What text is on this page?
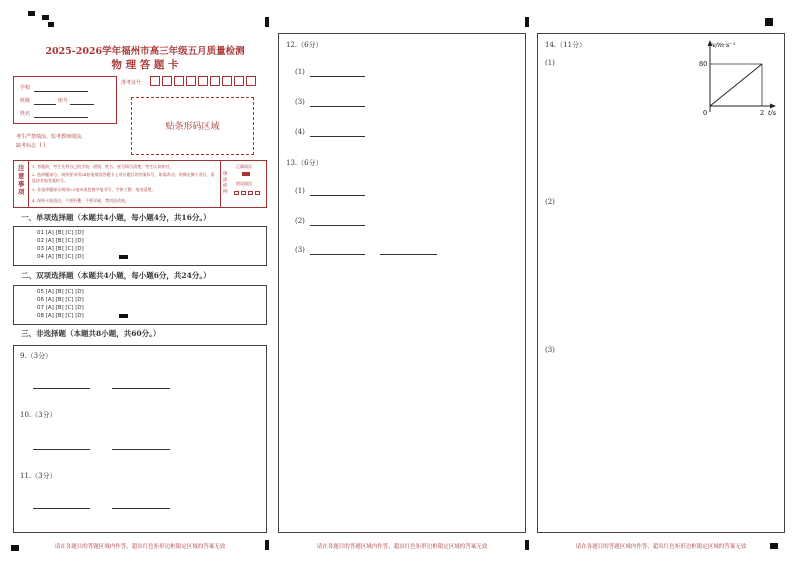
2025-2026学年福州市高三年级五月质量检测
物 理 答 题 卡
学校
班级	座号
姓名
准考证号：
贴条形码区域
考生严禁填涂，监考教师填涂，
缺考标志 [ ]
注意事项
1. 答题前，考生先将自己的学校、班级、姓名、座号填写清楚，考生认真核对。
2. 选择题部分，请按要求用2B铅笔填涂答题卡上对应题目的答案标号，如需改动，用橡皮擦干净后，再选涂其他答案标号。
3. 非选择题部分请用0.5毫米黑色签字笔书写，字体工整、笔迹清楚。
4. 保持卡面清洁，不要折叠、不要弄破，禁用涂改液。
填涂样例
正确填涂
错误填涂
一、单项选择题（本题共4小题，每小题4分，共16分。）
01 [A] [B] [C] [D]
02 [A] [B] [C] [D]
03 [A] [B] [C] [D]
04 [A] [B] [C] [D]
二、双项选择题（本题共4小题，每小题6分，共24分。）
05 [A] [B] [C] [D]
06 [A] [B] [C] [D]
07 [A] [B] [C] [D]
08 [A] [B] [C] [D]
三、非选择题（本题共8小题，共60分。）
9.（3分）
10.（3分）
11.（3分）
请在各题目的答题区域内作答，超出红色矩形边框限定区域的答案无效
12.（6分）
(1)
(3)
(4)
13.（6分）
(1)
(2)
(3)
请在各题目的答题区域内作答，超出红色矩形边框限定区域的答案无效
14.（11分）
(1)
(2)
(3)
v/m·s⁻¹
t/s
80
2
0
请在各题目的答题区域内作答，超出红色矩形边框限定区域的答案无效
